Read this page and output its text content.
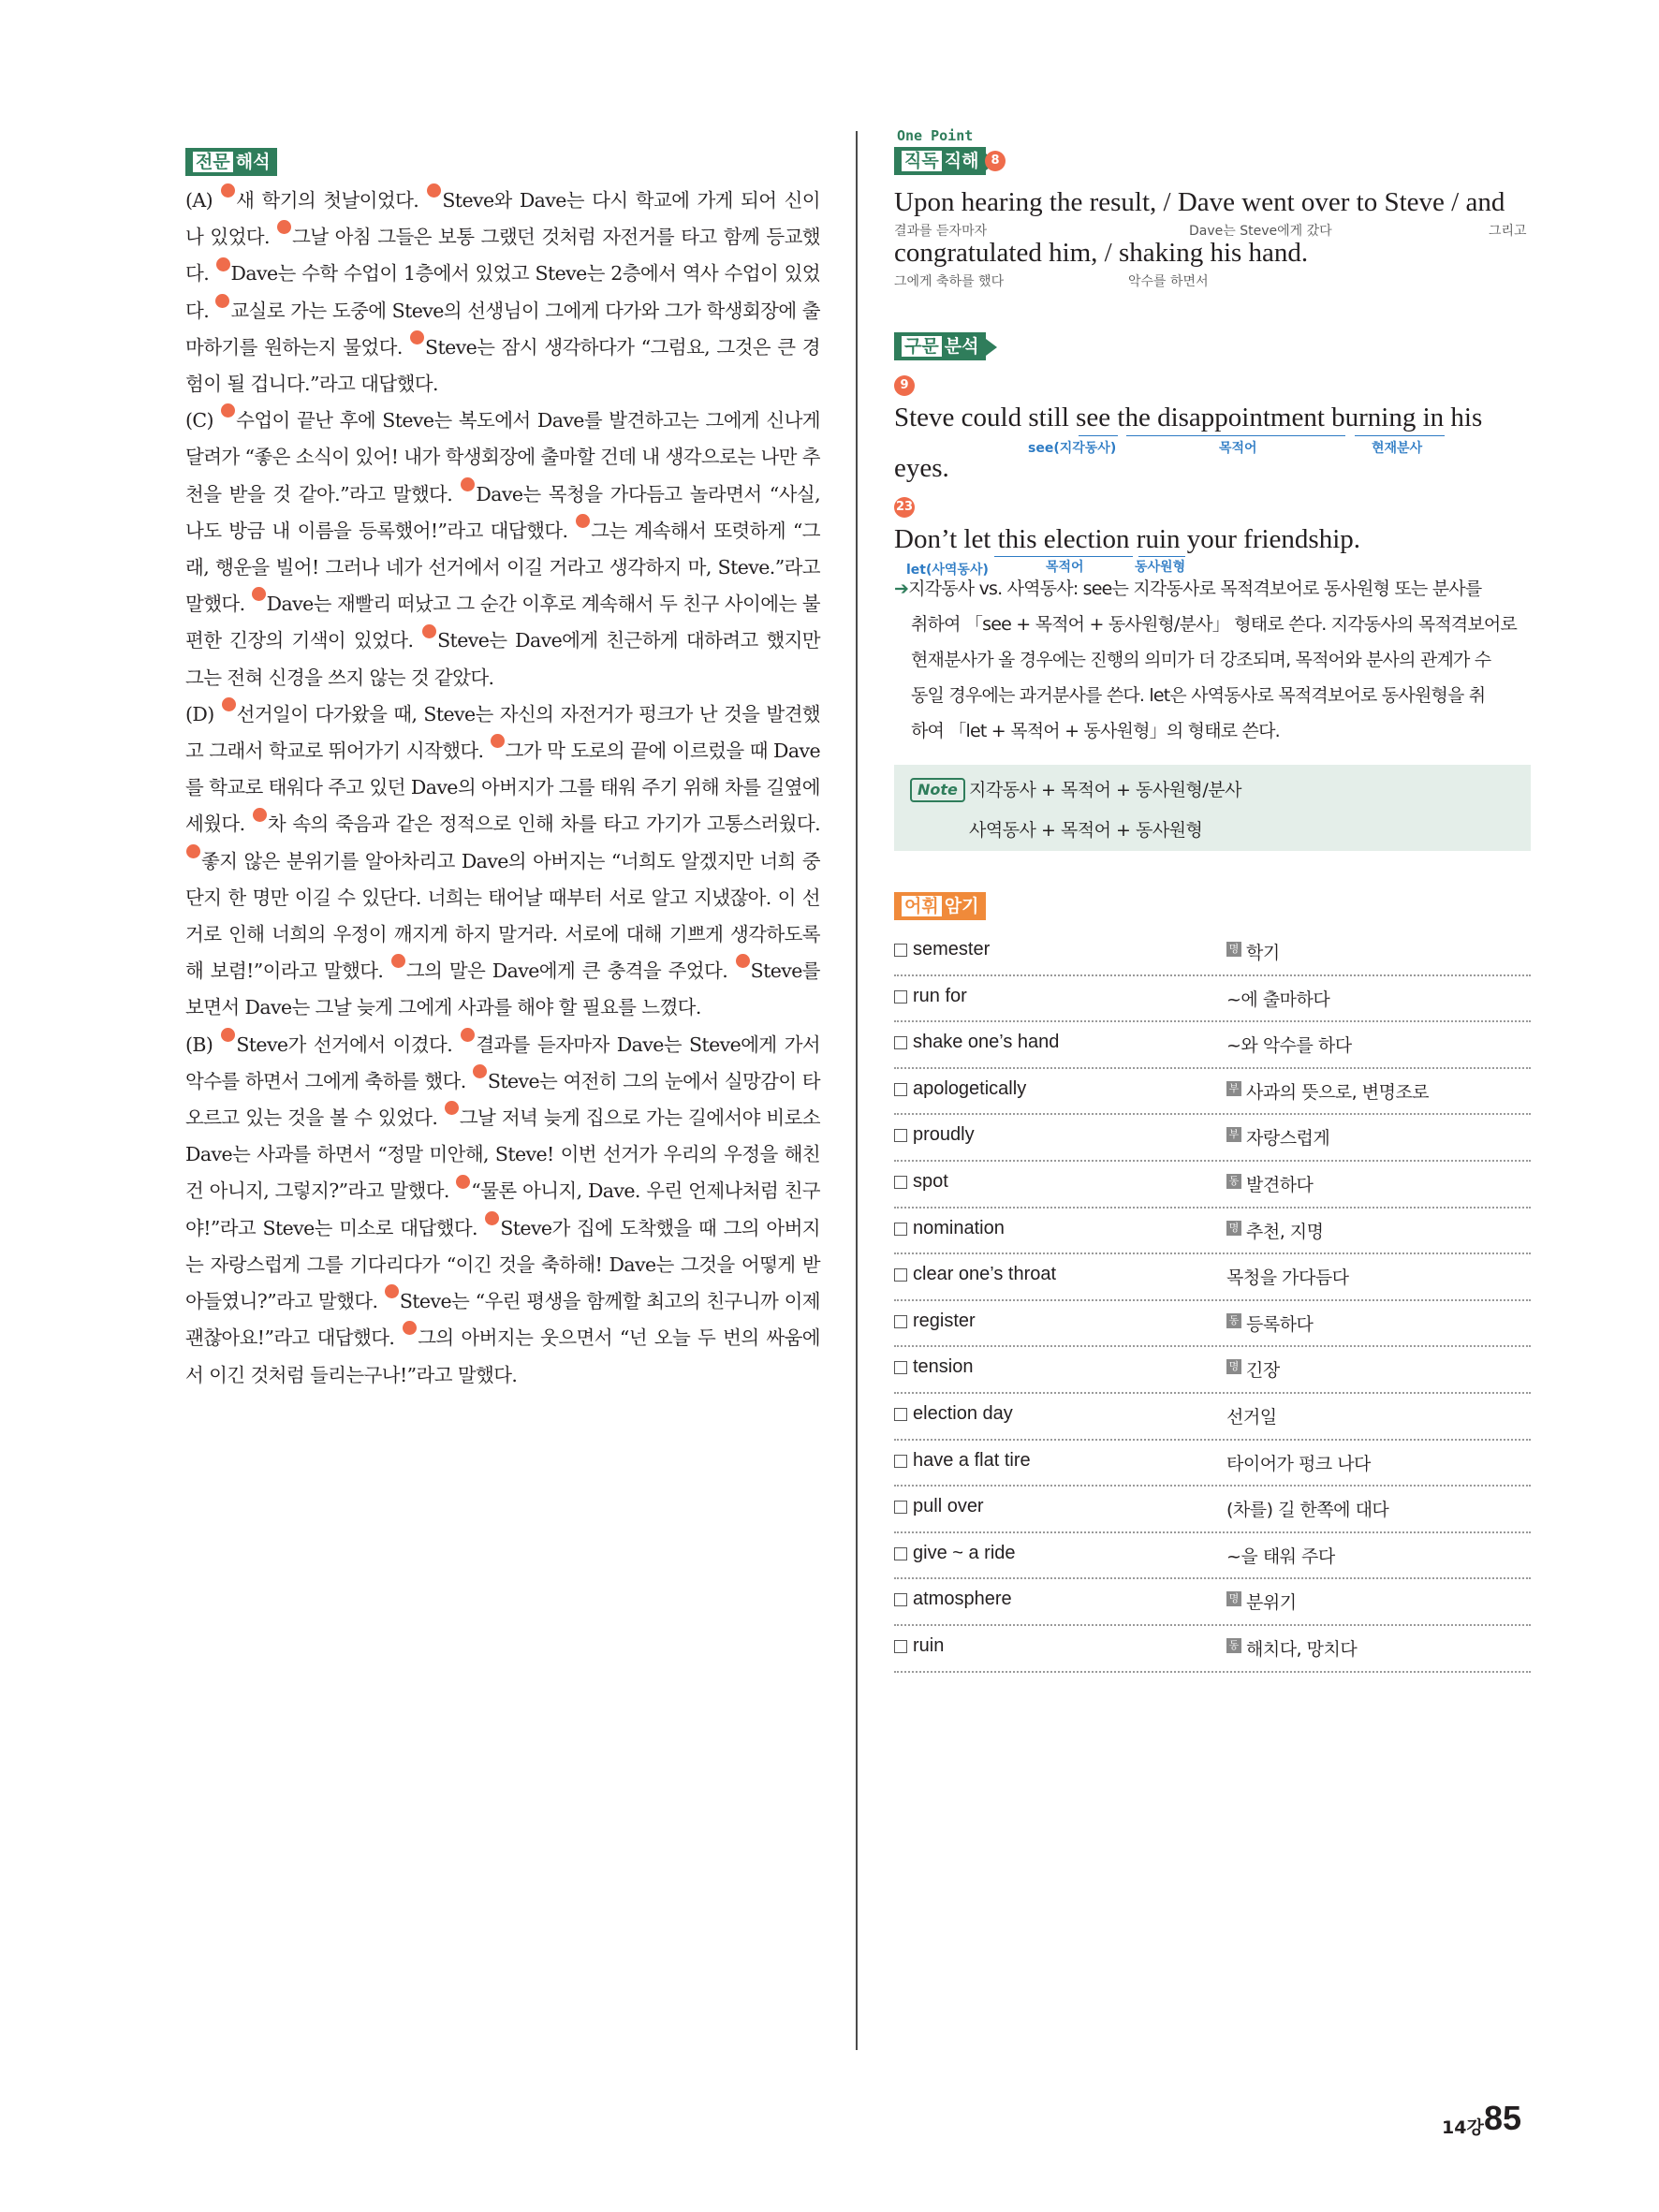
전문 해석

(A) 새 학기의 첫날이었다. Steve와 Dave는 다시 학교에 가게 되어 신이 나 있었다. 그날 아침 그들은 보통 그랬던 것처럼 자전거를 타고 함께 등교했다. Dave는 수학 수업이 1층에서 있었고 Steve는 2층에서 역사 수업이 있었다. 교실로 가는 도중에 Steve의 선생님이 그에게 다가와 그가 학생회장에 출마하기를 원하는지 물었다. Steve는 잠시 생각하다가 “그럼요, 그것은 큰 경험이 될 겁니다.”라고 대답했다.

(C) 수업이 끝난 후에 Steve는 복도에서 Dave를 발견하고는 그에게 신나게 달려가 “좋은 소식이 있어! 내가 학생회장에 출마할 건데 내 생각으로는 나만 추천을 받을 것 같아.”라고 말했다. Dave는 목청을 가다듬고 놀라면서 “사실, 나도 방금 내 이름을 등록했어!”라고 대답했다. 그는 계속해서 또렷하게 “그래, 행운을 빌어! 그러나 네가 선거에서 이길 거라고 생각하지 마, Steve.”라고 말했다. Dave는 재빨리 떠났고 그 순간 이후로 계속해서 두 친구 사이에는 불편한 긴장의 기색이 있었다. Steve는 Dave에게 친근하게 대하려고 했지만 그는 전혀 신경을 쓰지 않는 것 같았다.

(D) 선거일이 다가왔을 때, Steve는 자신의 자전거가 펑크가 난 것을 발견했고 그래서 학교로 뛰어가기 시작했다. 그가 막 도로의 끝에 이르렀을 때 Dave를 학교로 태워다 주고 있던 Dave의 아버지가 그를 태워 주기 위해 차를 길옆에 세웠다. 차 속의 죽음과 같은 정적으로 인해 차를 타고 가기가 고통스러웠다. 좋지 않은 분위기를 알아차리고 Dave의 아버지는 “너희도 알겠지만 너희 중 단지 한 명만 이길 수 있단다. 너희는 태어날 때부터 서로 알고 지냈잖아. 이 선거로 인해 너희의 우정이 깨지게 하지 말거라. 서로에 대해 기쁘게 생각하도록 해 보렴!”이라고 말했다. 그의 말은 Dave에게 큰 충격을 주었다. Steve를 보면서 Dave는 그날 늦게 그에게 사과를 해야 할 필요를 느꼈다.

(B) Steve가 선거에서 이겼다. 결과를 듣자마자 Dave는 Steve에게 가서 악수를 하면서 그에게 축하를 했다. Steve는 여전히 그의 눈에서 실망감이 타오르고 있는 것을 볼 수 있었다. 그날 저녁 늦게 집으로 가는 길에서야 비로소 Dave는 사과를 하면서 “정말 미안해, Steve! 이번 선거가 우리의 우정을 해친 건 아니지, 그렇지?”라고 말했다. “물론 아니지, Dave. 우린 언제나처럼 친구야!”라고 Steve는 미소로 대답했다. Steve가 집에 도착했을 때 그의 아버지는 자랑스럽게 그를 기다리다가 “이긴 것을 축하해! Dave는 그것을 어떻게 받아들였니?”라고 말했다. Steve는 “우린 평생을 함께할 최고의 친구니까 이제 괜찮아요!”라고 대답했다. 그의 아버지는 웃으면서 “넌 오늘 두 번의 싸움에서 이긴 것처럼 들리는구나!”라고 말했다.

One Point
직독 직해	8
Upon hearing the result, / Dave went over to Steve / and
결과를 듣자마자	Dave는 Steve에게 갔다	그리고
congratulated him, / shaking his hand.
그에게 축하를 했다	악수를 하면서
구문 분석
9
Steve could still see the disappointment burning in his
see(지각동사)	목적어	현재분사
eyes.
23
let(사역동사)	목적어	동사원형
Don’t let this election ruin your friendship.
➔지각동사 vs. 사역동사: see는 지각동사로 목적격보어로 동사원형 또는 분사를
취하여 「see + 목적어 + 동사원형/분사」 형태로 쓴다. 지각동사의 목적격보어로
현재분사가 올 경우에는 진행의 의미가 더 강조되며, 목적어와 분사의 관계가 수
동일 경우에는 과거분사를 쓴다. let은 사역동사로 목적격보어로 동사원형을 취
하여 「let + 목적어 + 동사원형」의 형태로 쓴다.
Note 지각동사 + 목적어 + 동사원형/분사
사역동사 + 목적어 + 동사원형
어휘 암기
semester	명 학기
run for	~에 출마하다
shake one’s hand	~와 악수를 하다
apologetically	부 사과의 뜻으로, 변명조로
proudly	부 자랑스럽게
spot	동 발견하다
nomination	명 추천, 지명
clear one’s throat	목청을 가다듬다
register	동 등록하다
tension	명 긴장
election day	선거일
have a flat tire	타이어가 펑크 나다
pull over	(차를) 길 한쪽에 대다
give ~ a ride	~을 태워 주다
atmosphere	명 분위기
ruin	동 해치다, 망치다
14강 85
